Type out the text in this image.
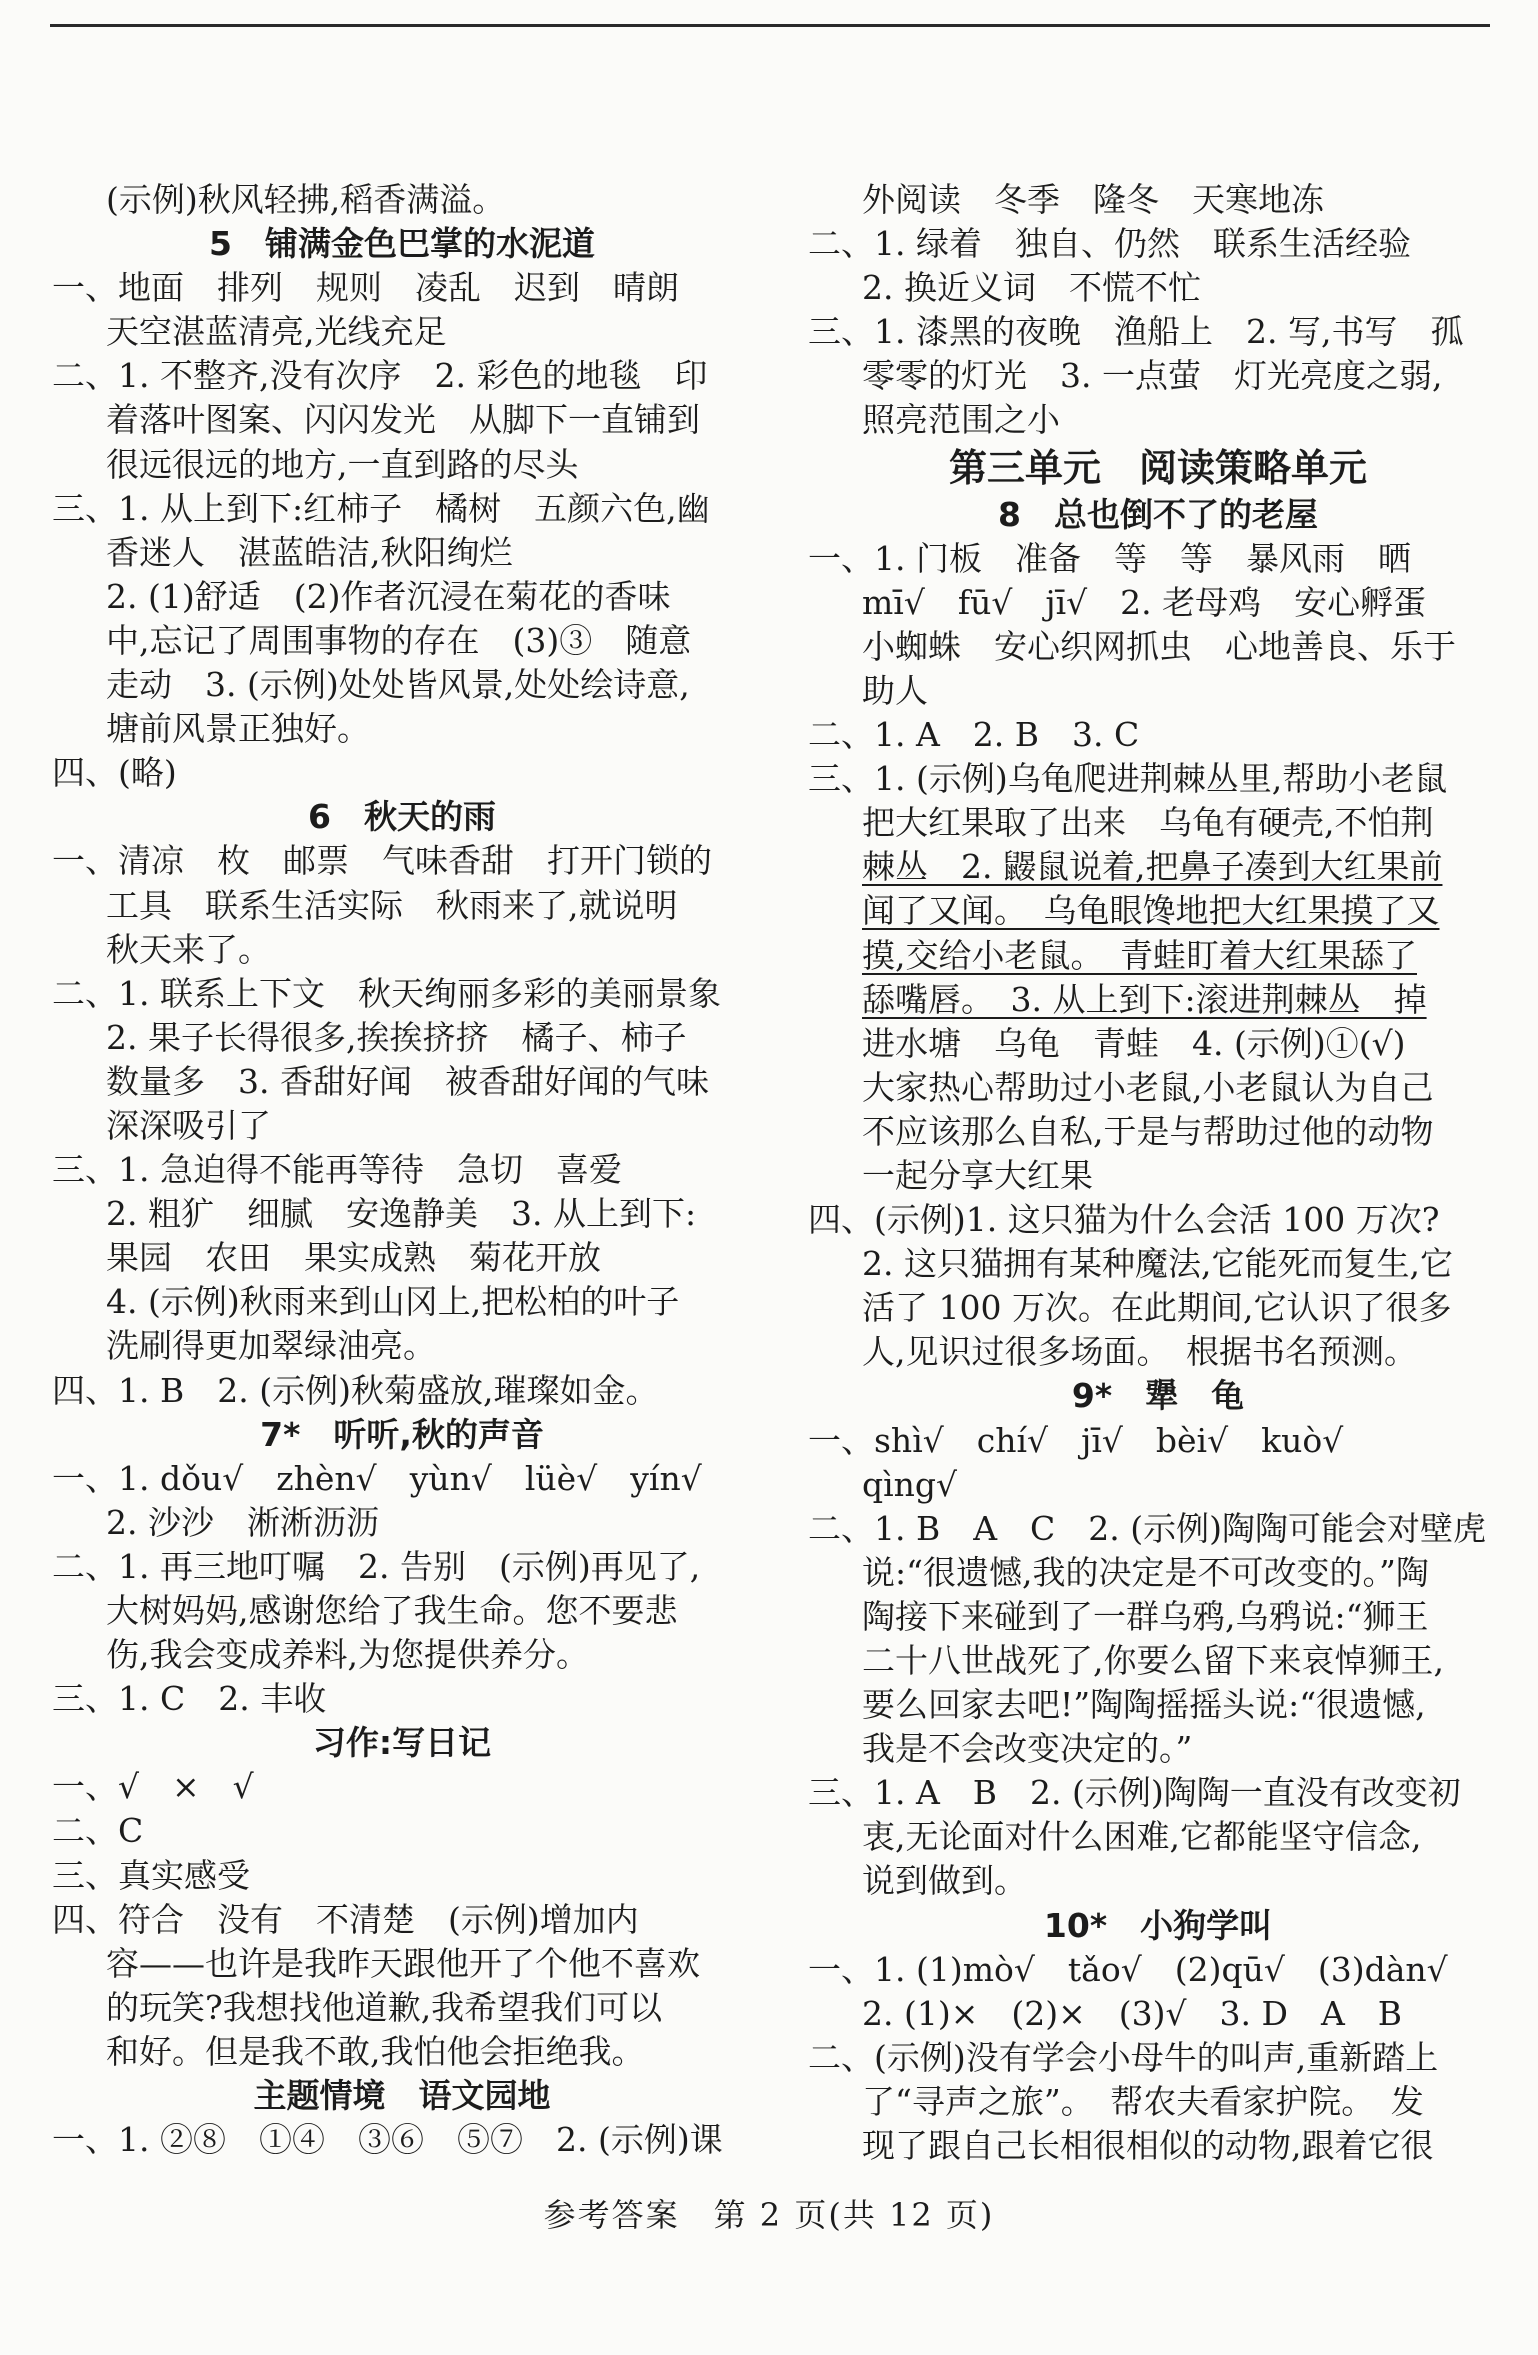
(示例)秋风轻拂,稻香满溢。
5　铺满金色巴掌的水泥道
一、地面　排列　规则　凌乱　迟到　晴朗
天空湛蓝清亮,光线充足
二、1. 不整齐,没有次序　2. 彩色的地毯　印
着落叶图案、闪闪发光　从脚下一直铺到
很远很远的地方,一直到路的尽头
三、1. 从上到下:红柿子　橘树　五颜六色,幽
香迷人　湛蓝皓洁,秋阳绚烂
2. (1)舒适　(2)作者沉浸在菊花的香味
中,忘记了周围事物的存在　(3)③　随意
走动　3. (示例)处处皆风景,处处绘诗意,
塘前风景正独好。
四、(略)
6　秋天的雨
一、清凉　枚　邮票　气味香甜　打开门锁的
工具　联系生活实际　秋雨来了,就说明
秋天来了。
二、1. 联系上下文　秋天绚丽多彩的美丽景象
2. 果子长得很多,挨挨挤挤　橘子、柿子
数量多　3. 香甜好闻　被香甜好闻的气味
深深吸引了
三、1. 急迫得不能再等待　急切　喜爱
2. 粗犷　细腻　安逸静美　3. 从上到下:
果园　农田　果实成熟　菊花开放
4. (示例)秋雨来到山冈上,把松柏的叶子
洗刷得更加翠绿油亮。
四、1. B　2. (示例)秋菊盛放,璀璨如金。
7*　听听,秋的声音
一、1. dǒu√　zhèn√　yùn√　lüè√　yín√
2. 沙沙　淅淅沥沥
二、1. 再三地叮嘱　2. 告别　(示例)再见了,
大树妈妈,感谢您给了我生命。您不要悲
伤,我会变成养料,为您提供养分。
三、1. C　2. 丰收
习作:写日记
一、√　×　√
二、C
三、真实感受
四、符合　没有　不清楚　(示例)增加内
容——也许是我昨天跟他开了个他不喜欢
的玩笑?我想找他道歉,我希望我们可以
和好。但是我不敢,我怕他会拒绝我。
主题情境　语文园地
一、1. ②⑧　①④　③⑥　⑤⑦　2. (示例)课
外阅读　冬季　隆冬　天寒地冻
二、1. 绿着　独自、仍然　联系生活经验
2. 换近义词　不慌不忙
三、1. 漆黑的夜晚　渔船上　2. 写,书写　孤
零零的灯光　3. 一点萤　灯光亮度之弱,
照亮范围之小
第三单元　阅读策略单元
8　总也倒不了的老屋
一、1. 门板　准备　等　等　暴风雨　晒
mī√　fū√　jī√　2. 老母鸡　安心孵蛋
小蜘蛛　安心织网抓虫　心地善良、乐于
助人
二、1. A　2. B　3. C
三、1. (示例)乌龟爬进荆棘丛里,帮助小老鼠
把大红果取了出来　乌龟有硬壳,不怕荆
棘丛　2. 鼹鼠说着,把鼻子凑到大红果前
闻了又闻。　乌龟眼馋地把大红果摸了又
摸,交给小老鼠。　青蛙盯着大红果舔了
舔嘴唇。　3. 从上到下:滚进荆棘丛　掉
进水塘　乌龟　青蛙　4. (示例)①(√)
大家热心帮助过小老鼠,小老鼠认为自己
不应该那么自私,于是与帮助过他的动物
一起分享大红果
四、(示例)1. 这只猫为什么会活 100 万次?
2. 这只猫拥有某种魔法,它能死而复生,它
活了 100 万次。在此期间,它认识了很多
人,见识过很多场面。　根据书名预测。
9*　犟　龟
一、shì√　chí√　jī√　bèi√　kuò√
qìng√
二、1. B　A　C　2. (示例)陶陶可能会对壁虎
说:“很遗憾,我的决定是不可改变的。”陶
陶接下来碰到了一群乌鸦,乌鸦说:“狮王
二十八世战死了,你要么留下来哀悼狮王,
要么回家去吧!”陶陶摇摇头说:“很遗憾,
我是不会改变决定的。”
三、1. A　B　2. (示例)陶陶一直没有改变初
衷,无论面对什么困难,它都能坚守信念,
说到做到。
10*　小狗学叫
一、1. (1)mò√　tǎo√　(2)qū√　(3)dàn√
2. (1)×　(2)×　(3)√　3. D　A　B
二、(示例)没有学会小母牛的叫声,重新踏上
了“寻声之旅”。　帮农夫看家护院。　发
现了跟自己长相很相似的动物,跟着它很
参考答案　第 2 页(共 12 页)
